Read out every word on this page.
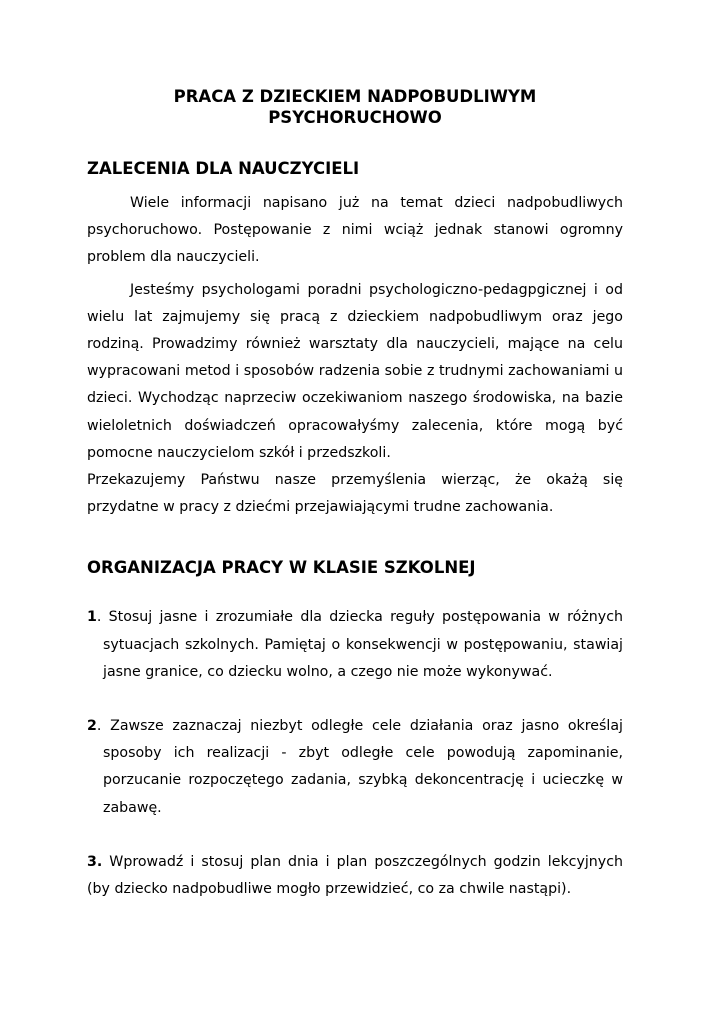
PRACA Z DZIECKIEM NADPOBUDLIWYM
PSYCHORUCHOWO
ZALECENIA DLA NAUCZYCIELI

Wiele informacji napisano już na temat dzieci nadpobudliwych psychoruchowo. Postępowanie z nimi wciąż jednak stanowi ogromny problem dla nauczycieli.

Jesteśmy psychologami poradni psychologiczno-pedagpgicznej i od wielu lat zajmujemy się pracą z dzieckiem nadpobudliwym oraz jego rodziną. Prowadzimy również warsztaty dla nauczycieli, mające na celu wypracowani metod i sposobów radzenia sobie z trudnymi zachowaniami u dzieci. Wychodząc naprzeciw oczekiwaniom naszego środowiska, na bazie wieloletnich doświadczeń opracowałyśmy zalecenia, które mogą być pomocne nauczycielom szkół i przedszkoli.

Przekazujemy Państwu nasze przemyślenia wierząc, że okażą się przydatne w pracy z dziećmi przejawiającymi trudne zachowania.

ORGANIZACJA PRACY W KLASIE SZKOLNEJ

1. Stosuj jasne i zrozumiałe dla dziecka reguły postępowania w różnych sytuacjach szkolnych. Pamiętaj o konsekwencji w postępowaniu, stawiaj jasne granice, co dziecku wolno, a czego nie może wykonywać.

2. Zawsze zaznaczaj niezbyt odległe cele działania oraz jasno określaj sposoby ich realizacji - zbyt odległe cele powodują zapominanie, porzucanie rozpoczętego zadania, szybką dekoncentrację i ucieczkę w zabawę.

3. Wprowadź i stosuj plan dnia i plan poszczególnych godzin lekcyjnych (by dziecko nadpobudliwe mogło przewidzieć, co za chwile nastąpi).
